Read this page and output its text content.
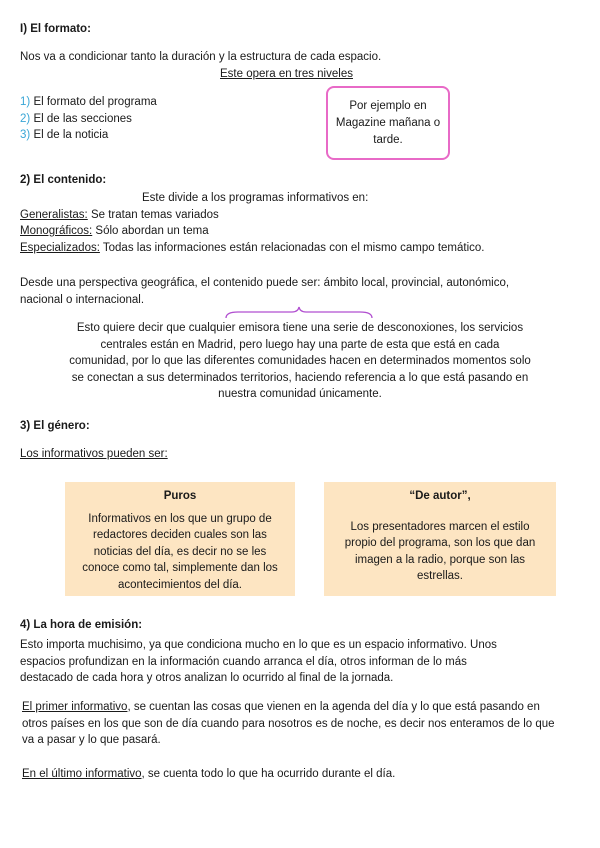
I) El formato:
Nos va a condicionar tanto la duración y la estructura de cada espacio.
Este opera en tres niveles
1) El formato del programa
2) El de las secciones
3) El de la noticia
Por ejemplo en Magazine mañana o tarde.
2) El contenido:
Este divide a los programas informativos en:
Generalistas: Se tratan temas variados
Monográficos: Sólo abordan un tema
Especializados: Todas las informaciones están relacionadas con el mismo campo temático.
Desde una perspectiva geográfica, el contenido puede ser: ámbito local, provincial, autonómico,
nacional o internacional.
Esto quiere decir que cualquier emisora tiene una serie de desconoxiones, los servicios
centrales están en Madrid, pero luego hay una parte de esta que está en cada
comunidad, por lo que las diferentes comunidades hacen en determinados momentos solo
se conectan a sus determinados territorios, haciendo referencia a lo que está pasando en
nuestra comunidad únicamente.
3) El género:
Los informativos pueden ser:
Puros
Informativos en los que un grupo de redactores deciden cuales son las noticias del día, es decir no se les conoce como tal, simplemente dan los acontecimientos del día.
“De autor”,
Los presentadores marcen el estilo propio del programa, son los que dan imagen a la radio, porque son las estrellas.
4) La hora de emisión:
Esto importa muchisimo, ya que condiciona mucho en lo que es un espacio informativo. Unos
espacios profundizan en la información cuando arranca el día, otros informan de lo más
destacado de cada hora y otros analizan lo ocurrido al final de la jornada.
El primer informativo, se cuentan las cosas que vienen en la agenda del día y lo que está pasando en
otros países en los que son de día cuando para nosotros es de noche, es decir nos enteramos de lo que
va a pasar y lo que pasará.
En el último informativo, se cuenta todo lo que ha ocurrido durante el día.
